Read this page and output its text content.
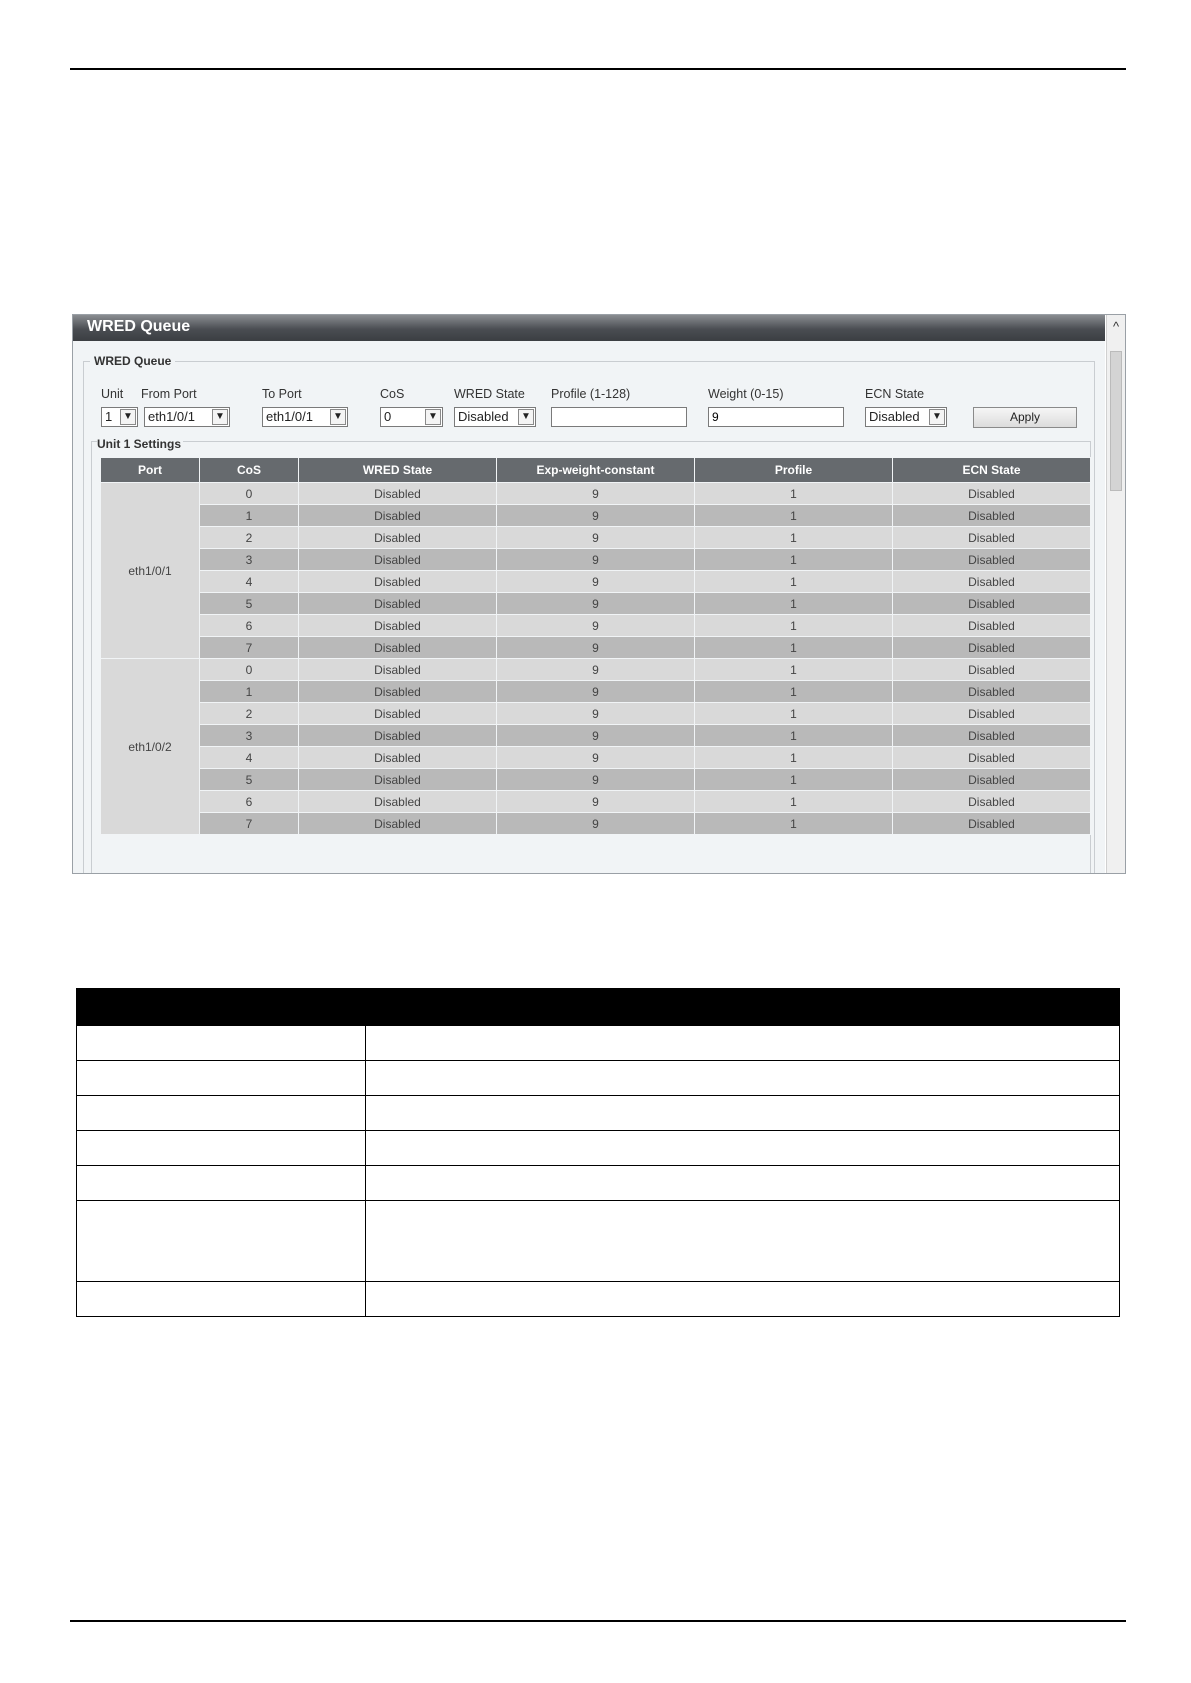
WRED Queue	^
WRED Queue
Unit From Port	To Port	CoS	WRED State Profile (1-128)	Weight (0-15)	ECN State
1	▼	eth1/0/1	▼	eth1/0/1	▼	0	▼	Disabled	▼
9	Disabled	▼	Apply
Unit 1 Settings
Port	CoS	WRED State	Exp-weight-constant	Profile	ECN State
eth1/0/1	0	Disabled	9	1	Disabled
	1	Disabled	9	1	Disabled
	2	Disabled	9	1	Disabled
	3	Disabled	9	1	Disabled
	4	Disabled	9	1	Disabled
	5	Disabled	9	1	Disabled
	6	Disabled	9	1	Disabled
	7	Disabled	9	1	Disabled
eth1/0/2	0	Disabled	9	1	Disabled
	1	Disabled	9	1	Disabled
	2	Disabled	9	1	Disabled
	3	Disabled	9	1	Disabled
	4	Disabled	9	1	Disabled
	5	Disabled	9	1	Disabled
	6	Disabled	9	1	Disabled
	7	Disabled	9	1	Disabled
